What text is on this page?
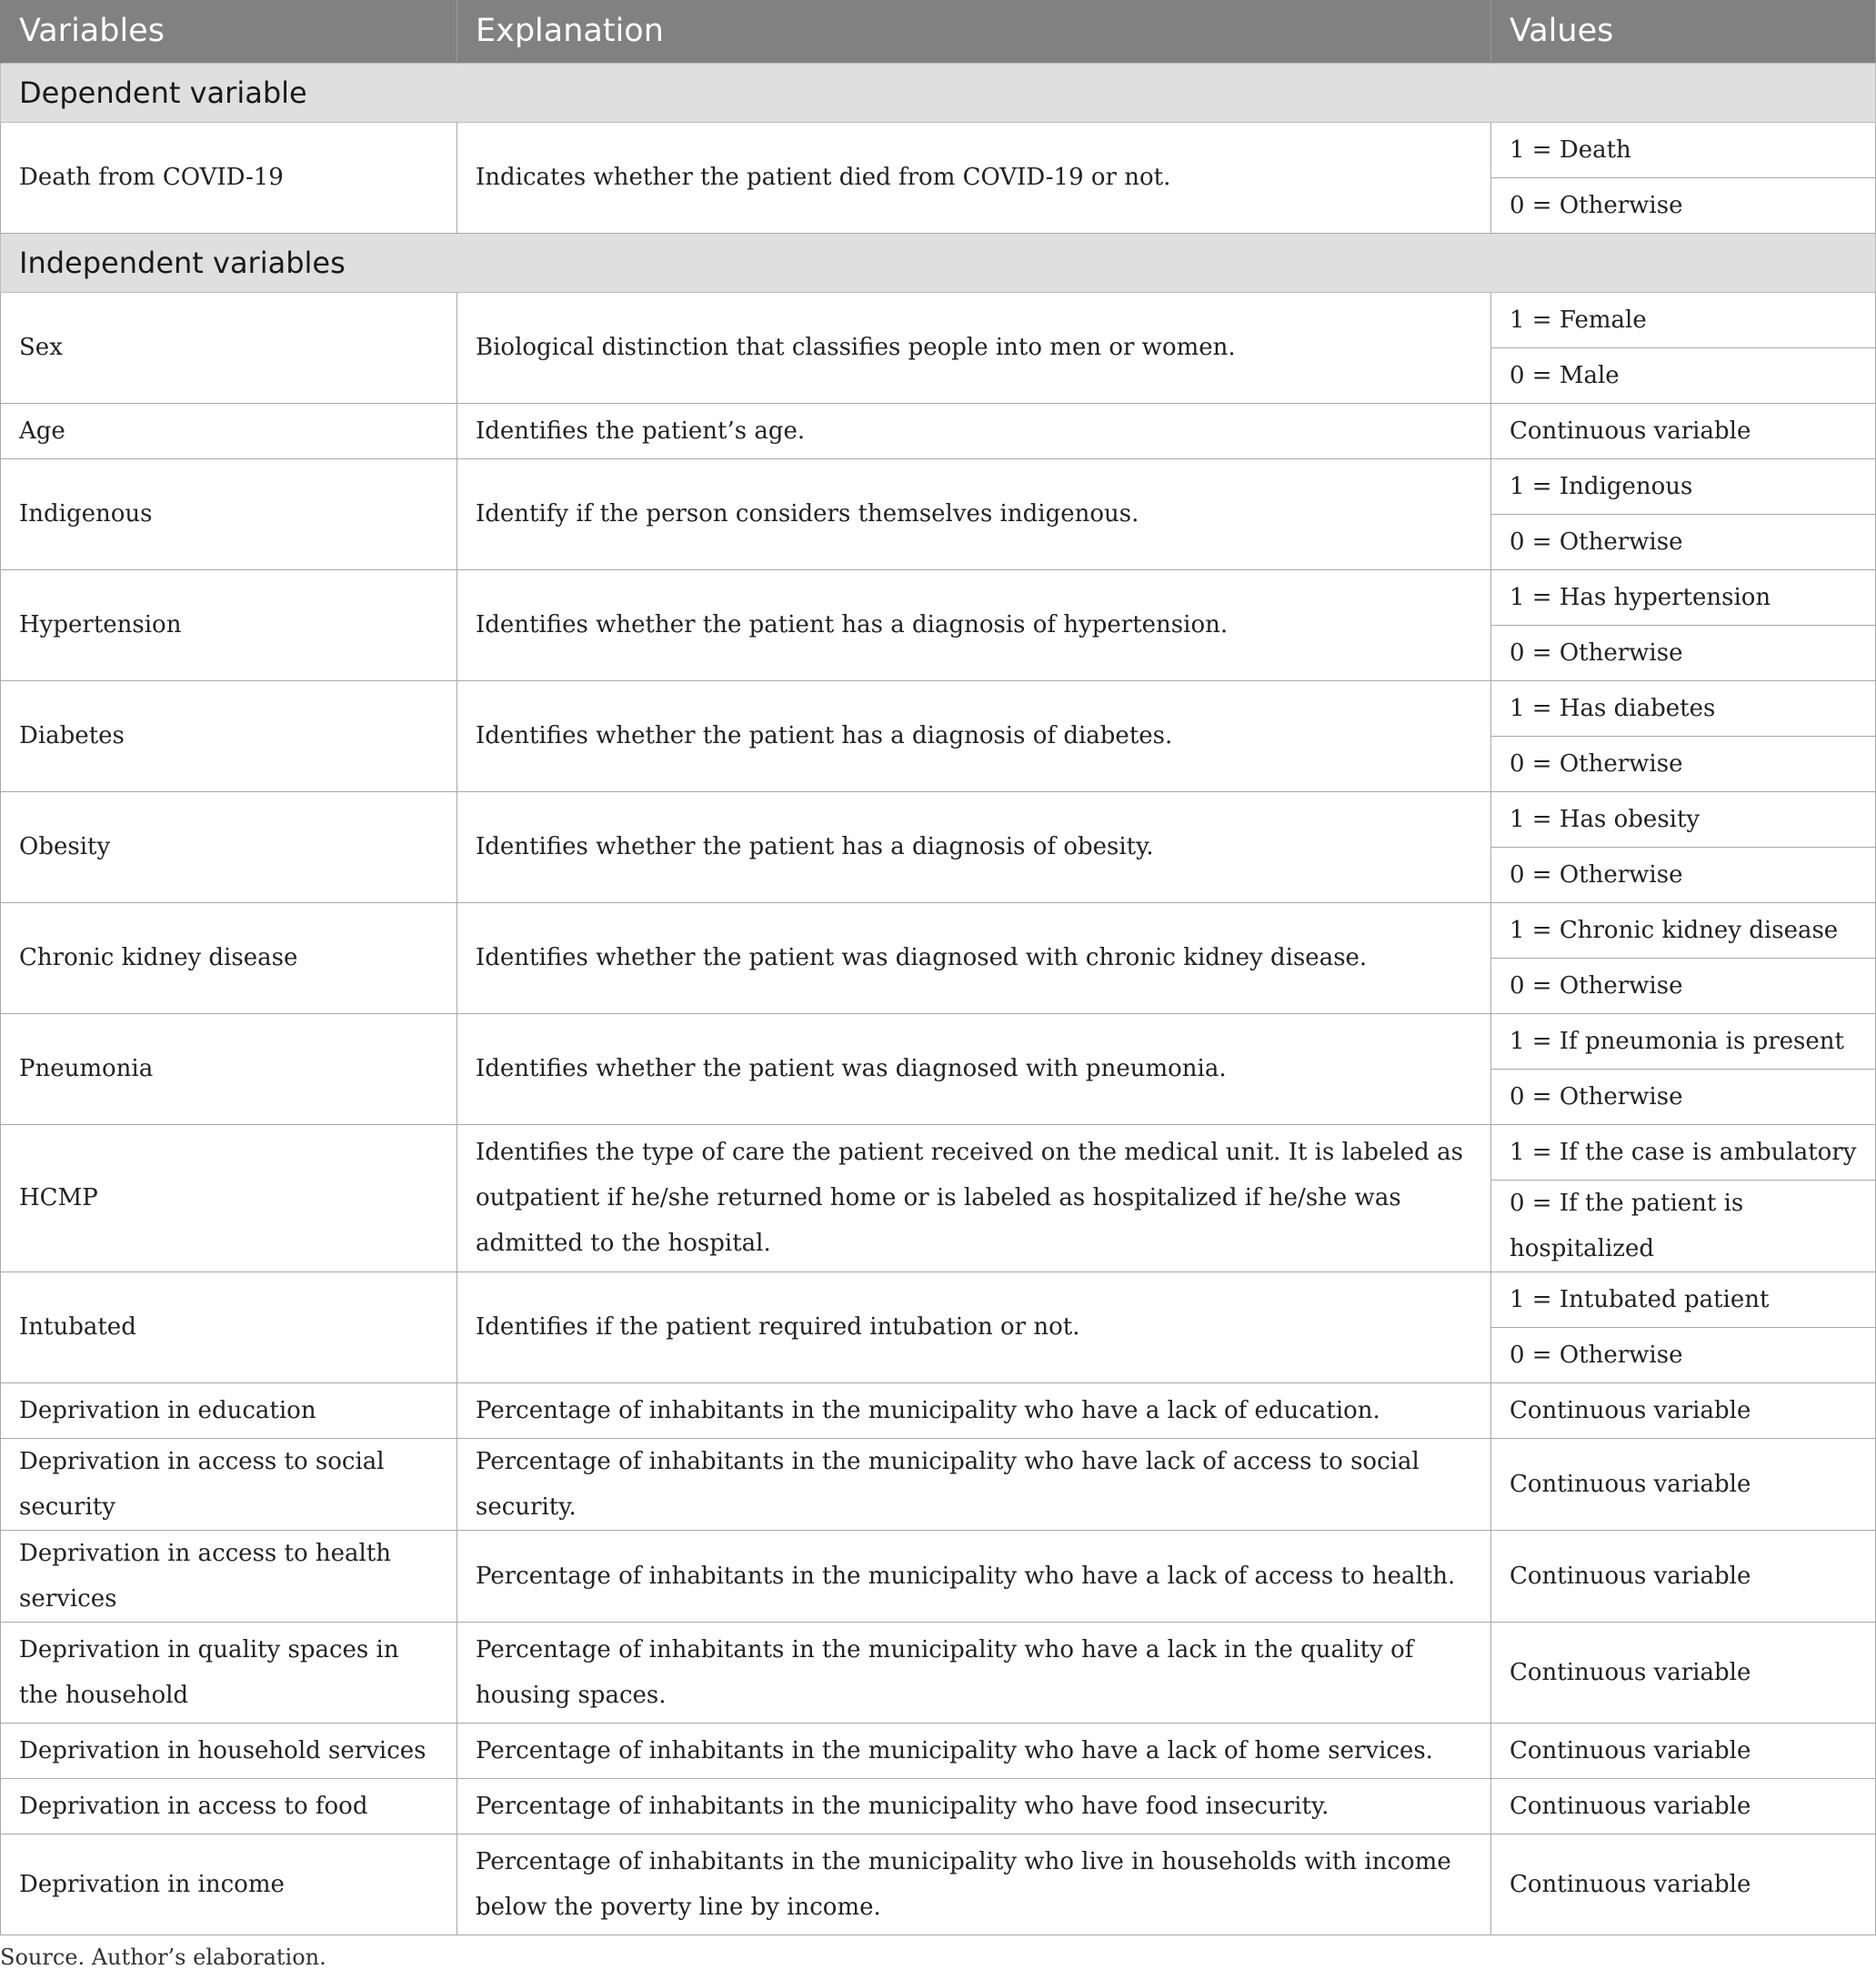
Variables	Explanation	Values
Dependent variable		
Death from COVID-19	Indicates whether the patient died from COVID-19 or not.	1 = Death
		0 = Otherwise
Independent variables		
Sex	Biological distinction that classifies people into men or women.	1 = Female
		0 = Male
Age	Identifies the patient’s age.	Continuous variable
Indigenous	Identify if the person considers themselves indigenous.	1 = Indigenous
		0 = Otherwise
Hypertension	Identifies whether the patient has a diagnosis of hypertension.	1 = Has hypertension
		0 = Otherwise
Diabetes	Identifies whether the patient has a diagnosis of diabetes.	1 = Has diabetes
		0 = Otherwise
Obesity	Identifies whether the patient has a diagnosis of obesity.	1 = Has obesity
		0 = Otherwise
Chronic kidney disease	Identifies whether the patient was diagnosed with chronic kidney disease.	1 = Chronic kidney disease
		0 = Otherwise
Pneumonia	Identifies whether the patient was diagnosed with pneumonia.	1 = If pneumonia is present
		0 = Otherwise
HCMP	Identifies the type of care the patient received on the medical unit. It is labeled as outpatient if he/she returned home or is labeled as hospitalized if he/she was admitted to the hospital.	1 = If the case is ambulatory
		0 = If the patient is hospitalized
Intubated	Identifies if the patient required intubation or not.	1 = Intubated patient
		0 = Otherwise
Deprivation in education	Percentage of inhabitants in the municipality who have a lack of education.	Continuous variable
Deprivation in access to social security	Percentage of inhabitants in the municipality who have lack of access to social security.	Continuous variable
Deprivation in access to health services	Percentage of inhabitants in the municipality who have a lack of access to health.	Continuous variable
Deprivation in quality spaces in the household	Percentage of inhabitants in the municipality who have a lack in the quality of housing spaces.	Continuous variable
Deprivation in household services	Percentage of inhabitants in the municipality who have a lack of home services.	Continuous variable
Deprivation in access to food	Percentage of inhabitants in the municipality who have food insecurity.	Continuous variable
Deprivation in income	Percentage of inhabitants in the municipality who live in households with income below the poverty line by income.	Continuous variable

Source. Author’s elaboration.
